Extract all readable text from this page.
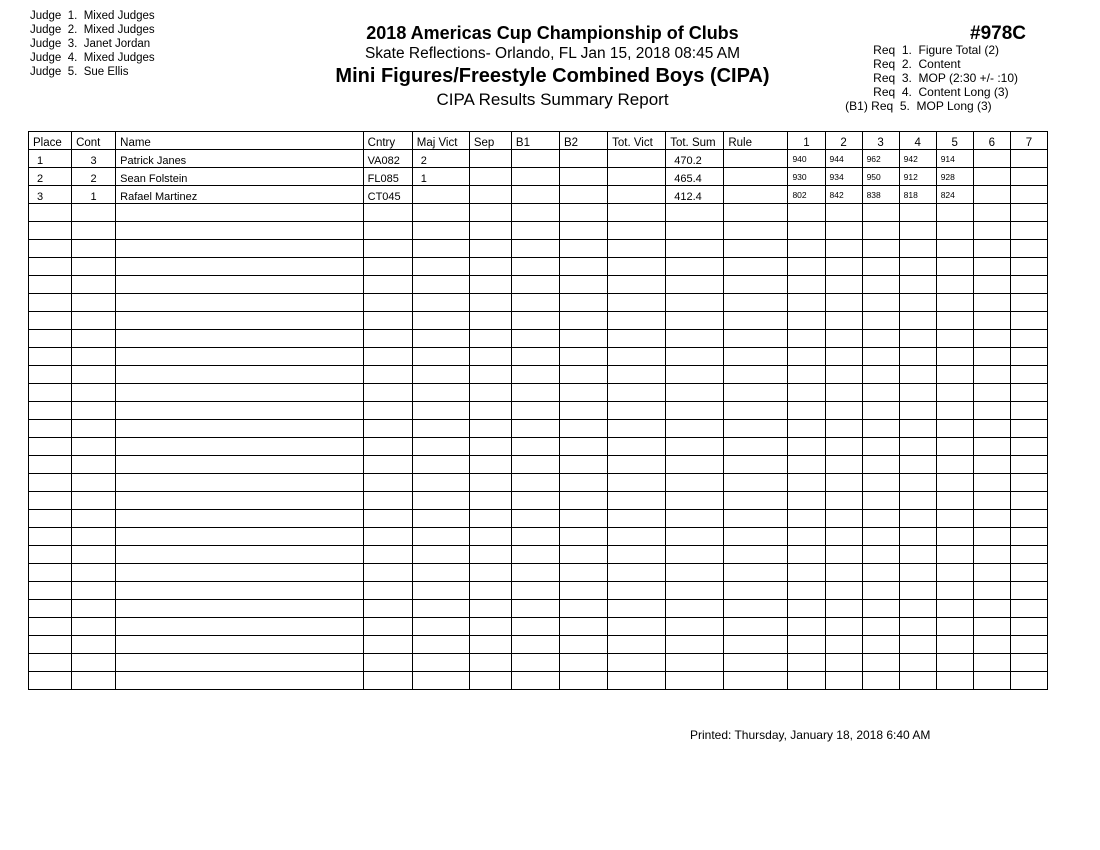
Judge  1.  Mixed Judges
Judge  2.  Mixed Judges
Judge  3.  Janet Jordan
Judge  4.  Mixed Judges
Judge  5.  Sue Ellis
2018 Americas Cup Championship of Clubs
Skate Reflections- Orlando, FL Jan 15, 2018 08:45 AM
Mini Figures/Freestyle Combined Boys (CIPA)
CIPA Results Summary Report
#978C
Req  1.  Figure Total (2)
Req  2.  Content
Req  3.  MOP (2:30 +/- :10)
Req  4.  Content Long (3)
(B1) Req  5.  MOP Long (3)
Place	Cont	Name	Cntry	Maj Vict	Sep	B1	B2	Tot. Vict	Tot. Sum	Rule	1	2	3	4	5	6	7
1	3	Patrick Janes	VA082	2					470.2		940	944	962	942	914		
2	2	Sean Folstein	FL085	1					465.4		930	934	950	912	928		
3	1	Rafael Martinez	CT045						412.4		802	842	838	818	824		

Printed: Thursday, January 18, 2018 6:40 AM
